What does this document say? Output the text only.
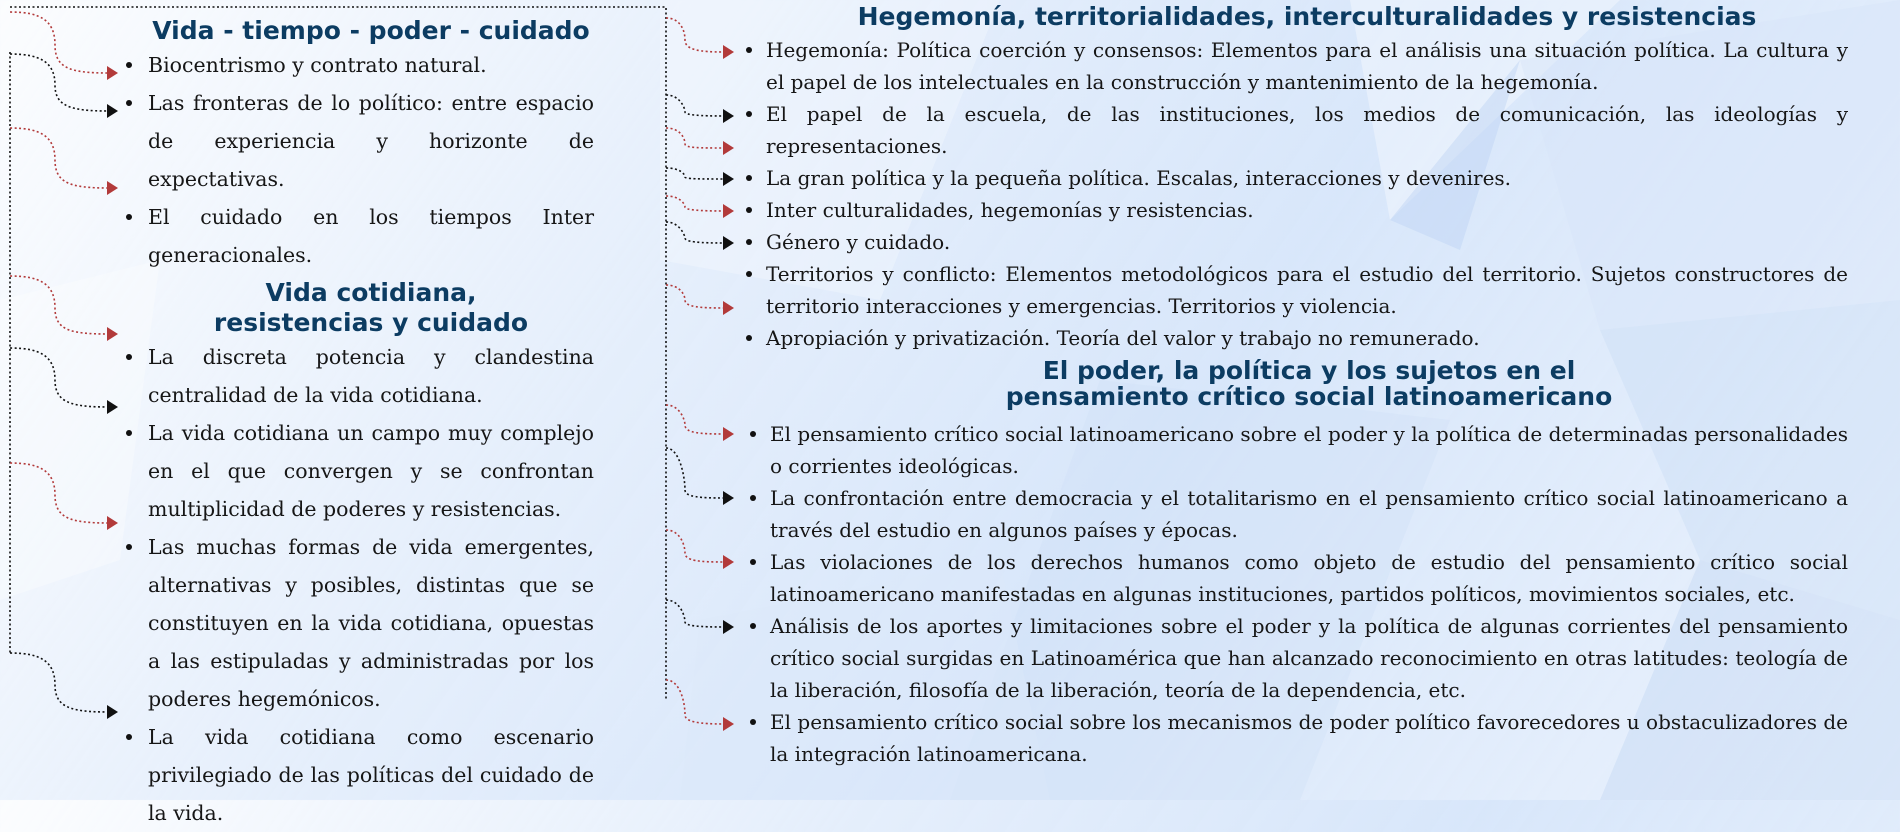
Vida - tiempo - poder - cuidado
Biocentrismo y contrato natural.
Las fronteras de lo político: entre espacio de experiencia y horizonte de expectativas.
El cuidado en los tiempos Inter generacionales.
Vida cotidiana,
resistencias y cuidado
La discreta potencia y clandestina centralidad de la vida cotidiana.
La vida cotidiana un campo muy complejo en el que convergen y se confrontan multiplicidad de poderes y resistencias.
Las muchas formas de vida emergentes, alternativas y posibles, distintas que se constituyen en la vida cotidiana, opuestas a las estipuladas y administradas por los poderes hegemónicos.
La vida cotidiana como escenario privilegiado de las políticas del cuidado de la vida.
Hegemonía, territorialidades, interculturalidades y resistencias
Hegemonía: Política coerción y consensos: Elementos para el análisis una situación política. La cultura y el papel de los intelectuales en la construcción y mantenimiento de la hegemonía.
El papel de la escuela, de las instituciones, los medios de comunicación, las ideologías y representaciones.
La gran política y la pequeña política. Escalas, interacciones y devenires.
Inter culturalidades, hegemonías y resistencias.
Género y cuidado.
Territorios y conflicto: Elementos metodológicos para el estudio del territorio. Sujetos constructores de territorio interacciones y emergencias. Territorios y violencia.
Apropiación y privatización. Teoría del valor y trabajo no remunerado.
El poder, la política y los sujetos en el
pensamiento crítico social latinoamericano
El pensamiento crítico social latinoamericano sobre el poder y la política de determinadas personalidades o corrientes ideológicas.
La confrontación entre democracia y el totalitarismo en el pensamiento crítico social latinoamericano a través del estudio en algunos países y épocas.
Las violaciones de los derechos humanos como objeto de estudio del pensamiento crítico social latinoamericano manifestadas en algunas instituciones, partidos políticos, movimientos sociales, etc.
Análisis de los aportes y limitaciones sobre el poder y la política de algunas corrientes del pensamiento crítico social surgidas en Latinoamérica que han alcanzado reconocimiento en otras latitudes: teología de la liberación, filosofía de la liberación, teoría de la dependencia, etc.
El pensamiento crítico social sobre los mecanismos de poder político favorecedores u obstaculizadores de la integración latinoamericana.
